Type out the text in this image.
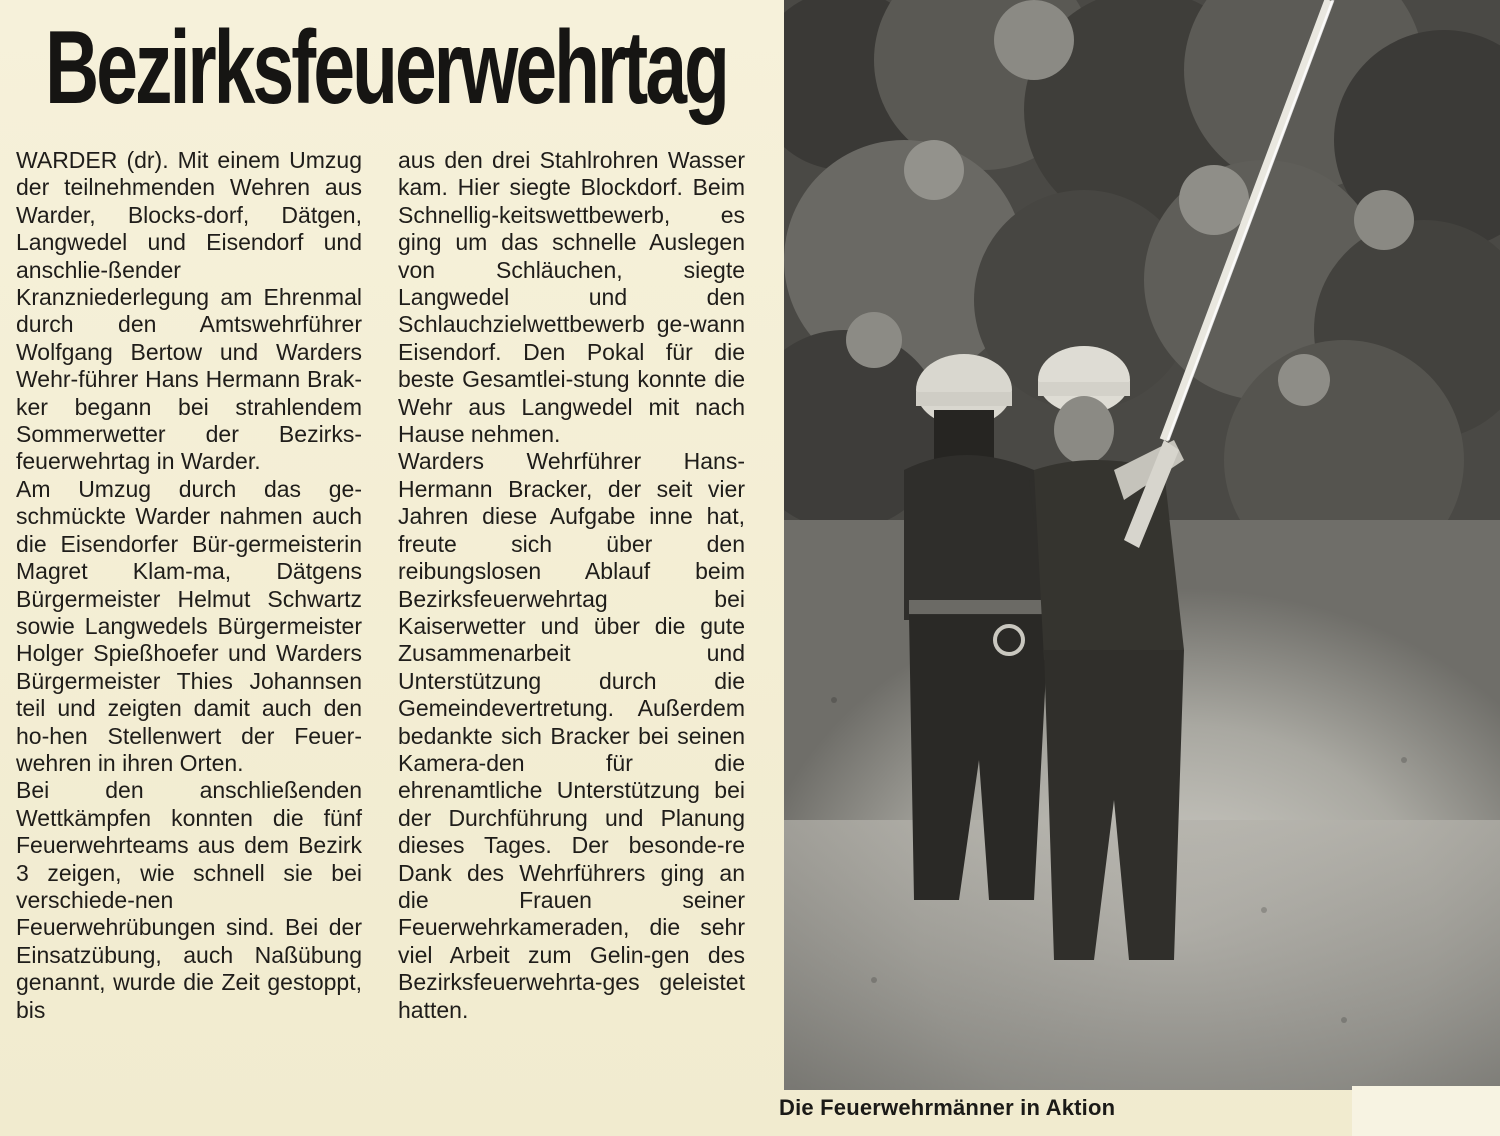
Bezirksfeuerwehrtag

WARDER (dr). Mit einem Umzug der teilnehmenden Wehren aus Warder, Blocks-dorf, Dätgen, Langwedel und Eisendorf und anschlie-ßender Kranzniederlegung am Ehrenmal durch den Amtswehrführer Wolfgang Bertow und Warders Wehr-führer Hans Hermann Brak-ker begann bei strahlendem Sommerwetter der Bezirks-feuerwehrtag in Warder.

Am Umzug durch das ge-schmückte Warder nahmen auch die Eisendorfer Bür-germeisterin Magret Klam-ma, Dätgens Bürgermeister Helmut Schwartz sowie Langwedels Bürgermeister Holger Spießhoefer und Warders Bürgermeister Thies Johannsen teil und zeigten damit auch den ho-hen Stellenwert der Feuer-wehren in ihren Orten.

Bei den anschließenden Wettkämpfen konnten die fünf Feuerwehrteams aus dem Bezirk 3 zeigen, wie schnell sie bei verschiede-nen Feuerwehrübungen sind. Bei der Einsatzübung, auch Naßübung genannt, wurde die Zeit gestoppt, bis

aus den drei Stahlrohren Wasser kam. Hier siegte Blockdorf. Beim Schnellig-keitswettbewerb, es ging um das schnelle Auslegen von Schläuchen, siegte Langwedel und den Schlauchzielwettbewerb ge-wann Eisendorf. Den Pokal für die beste Gesamtlei-stung konnte die Wehr aus Langwedel mit nach Hause nehmen.

Warders Wehrführer Hans-Hermann Bracker, der seit vier Jahren diese Aufgabe inne hat, freute sich über den reibungslosen Ablauf beim Bezirksfeuerwehrtag bei Kaiserwetter und über die gute Zusammenarbeit und Unterstützung durch die Gemeindevertretung. Außerdem bedankte sich Bracker bei seinen Kamera-den für die ehrenamtliche Unterstützung bei der Durchführung und Planung dieses Tages. Der besonde-re Dank des Wehrführers ging an die Frauen seiner Feuerwehrkameraden, die sehr viel Arbeit zum Gelin-gen des Bezirksfeuerwehrta-ges geleistet hatten.

Die Feuerwehrmänner in Aktion
